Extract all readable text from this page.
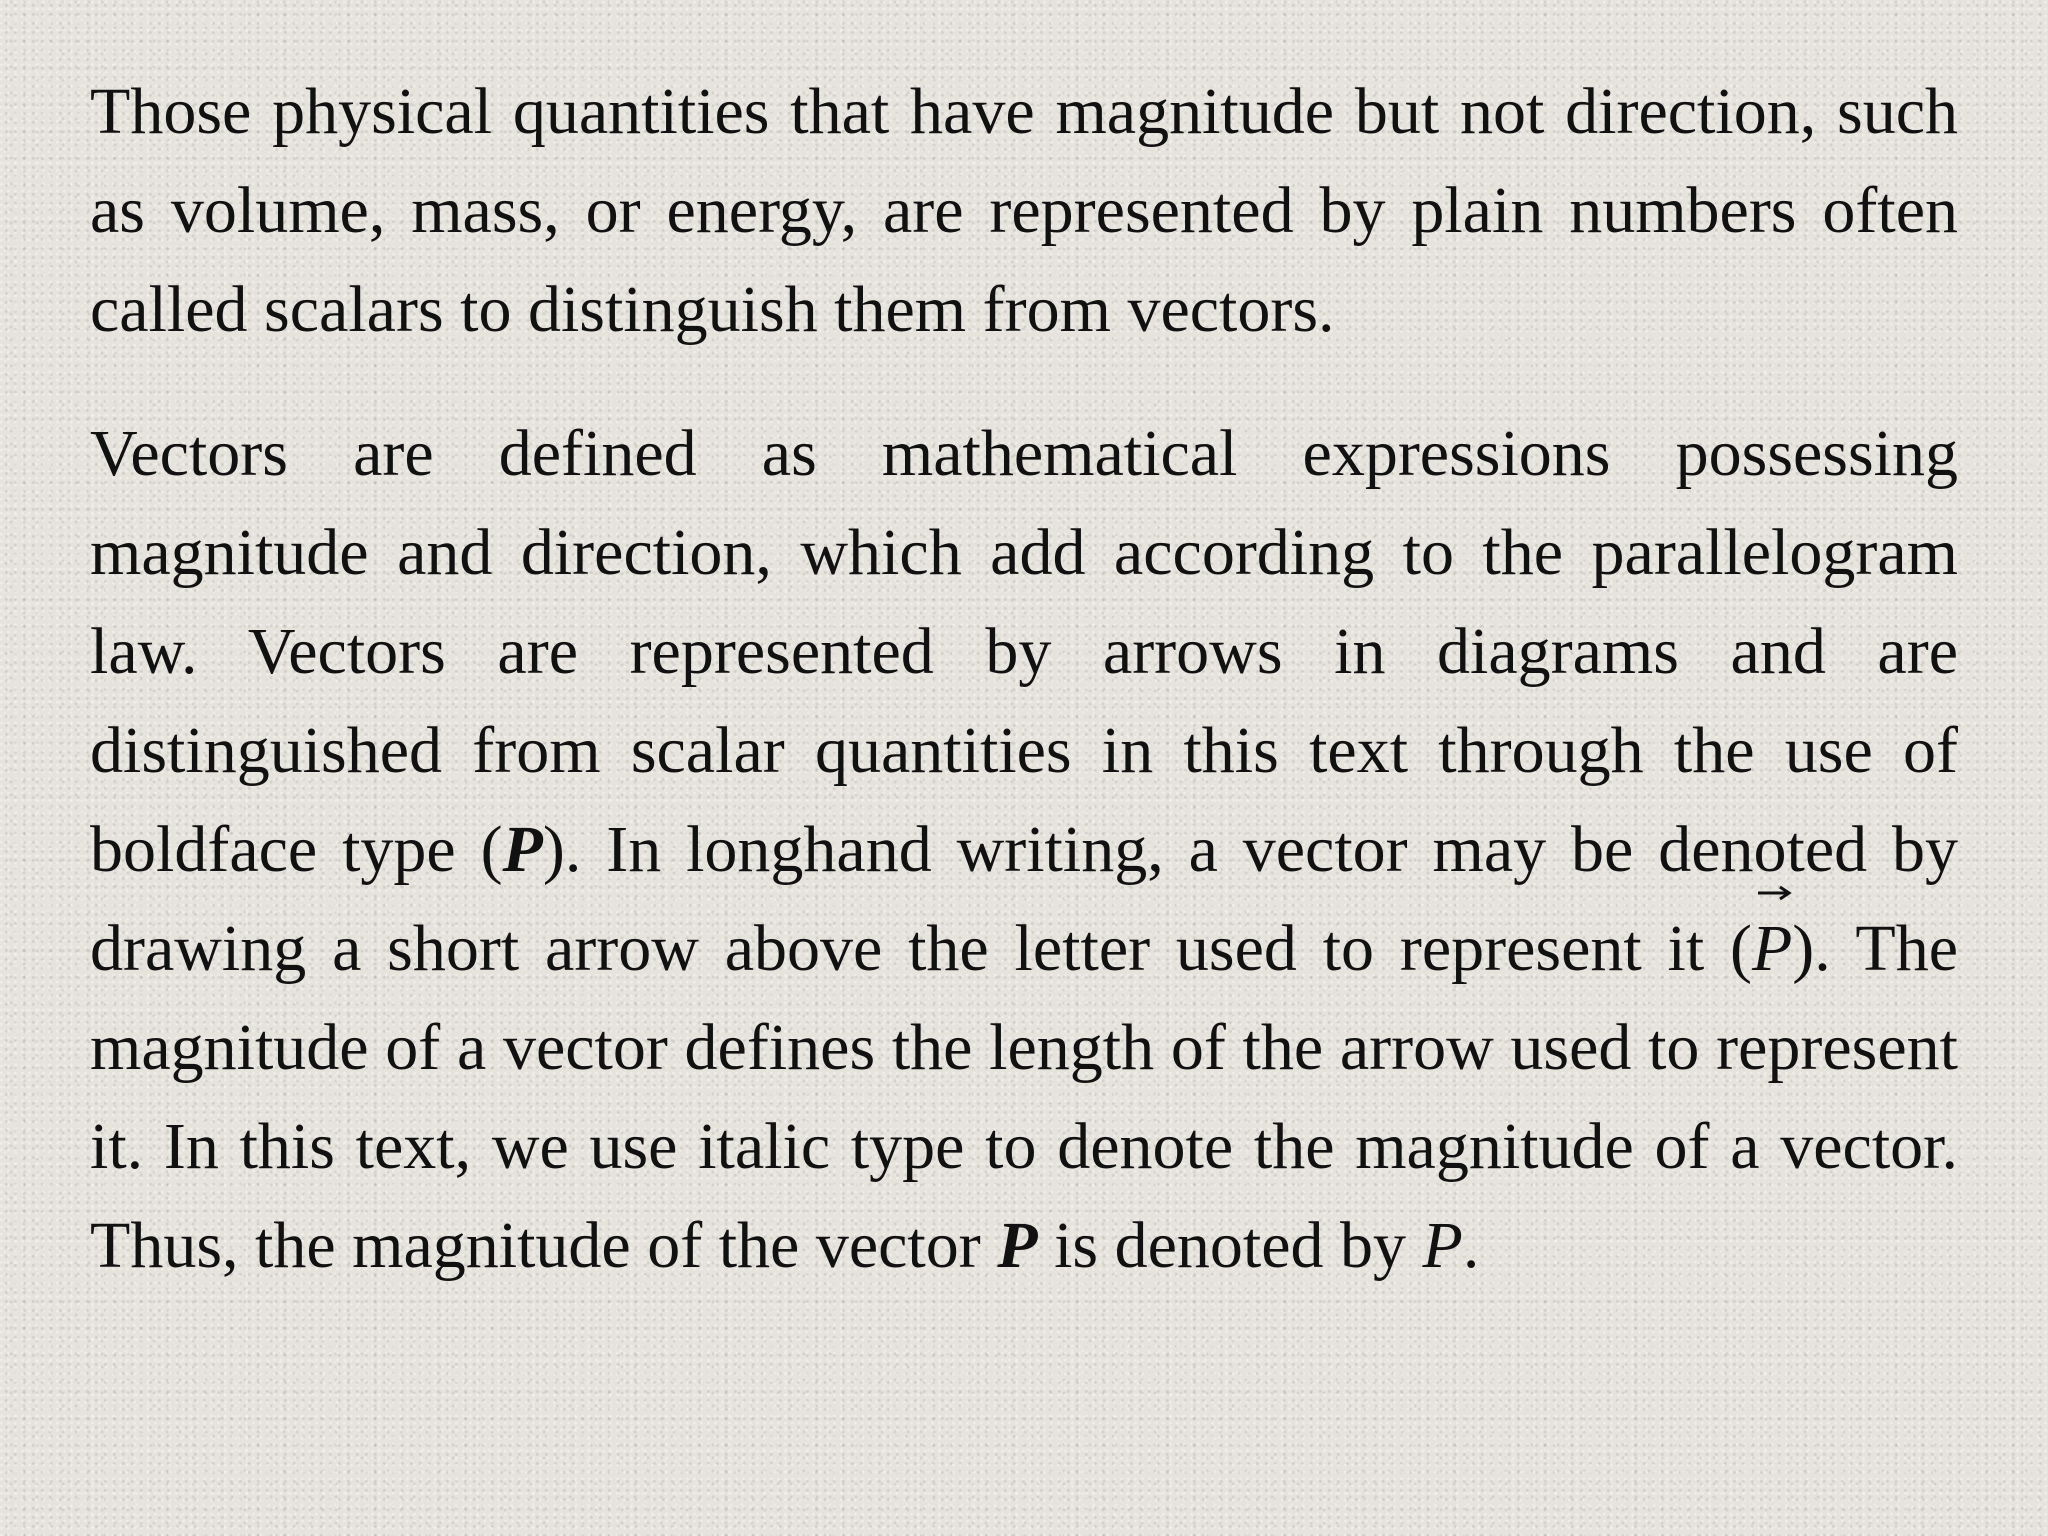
Those physical quantities that have magnitude but not direction, such as volume, mass, or energy, are represented by plain numbers often called scalars to distinguish them from vectors.

Vectors are defined as mathematical expressions possessing magnitude and direction, which add according to the parallelogram law. Vectors are represented by arrows in diagrams and are distinguished from scalar quantities in this text through the use of boldface type (P). In longhand writing, a vector may be denoted by drawing a short arrow above the letter used to represent it (
P). The magnitude of a vector defines the length of the arrow used to represent it. In this text, we use italic type to denote the magnitude of a vector. Thus, the magnitude of the vector P is denoted by P.
